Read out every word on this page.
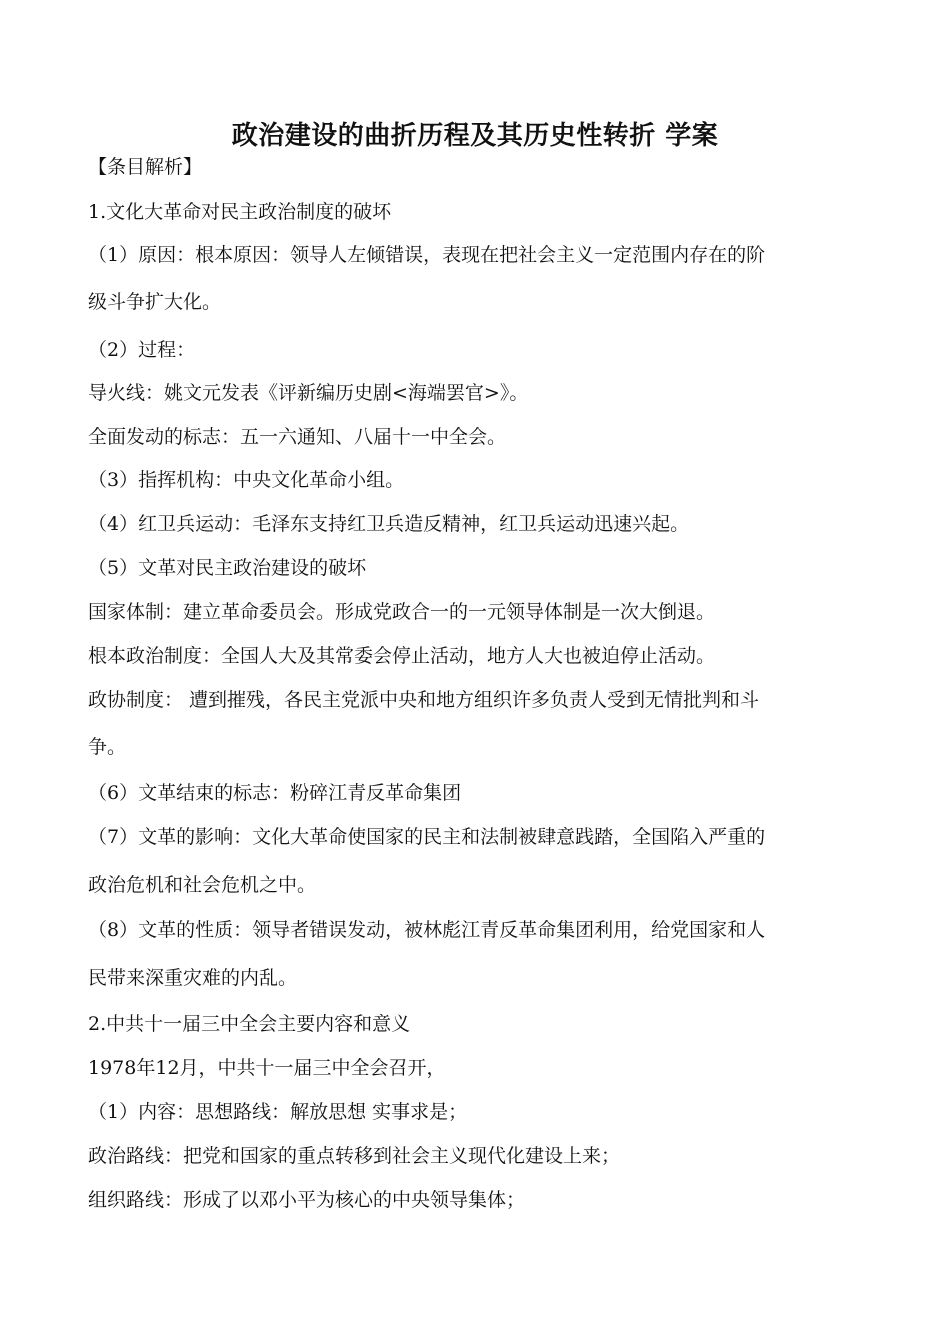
政治建设的曲折历程及其历史性转折 学案
【条目解析】
1.文化大革命对民主政治制度的破坏
（1）原因：根本原因：领导人左倾错误，表现在把社会主义一定范围内存在的阶
级斗争扩大化。
（2）过程：
导火线：姚文元发表《评新编历史剧<海端罢官>》。
全面发动的标志：五一六通知、八届十一中全会。
（3）指挥机构：中央文化革命小组。
（4）红卫兵运动：毛泽东支持红卫兵造反精神，红卫兵运动迅速兴起。
（5）文革对民主政治建设的破坏
国家体制：建立革命委员会。形成党政合一的一元领导体制是一次大倒退。
根本政治制度：全国人大及其常委会停止活动，地方人大也被迫停止活动。
政协制度： 遭到摧残，各民主党派中央和地方组织许多负责人受到无情批判和斗
争。
（6）文革结束的标志：粉碎江青反革命集团
（7）文革的影响：文化大革命使国家的民主和法制被肆意践踏，全国陷入严重的
政治危机和社会危机之中。
（8）文革的性质：领导者错误发动，被林彪江青反革命集团利用，给党国家和人
民带来深重灾难的内乱。
2.中共十一届三中全会主要内容和意义
1978年12月，中共十一届三中全会召开，
（1）内容：思想路线：解放思想 实事求是；
政治路线：把党和国家的重点转移到社会主义现代化建设上来；
组织路线：形成了以邓小平为核心的中央领导集体；
